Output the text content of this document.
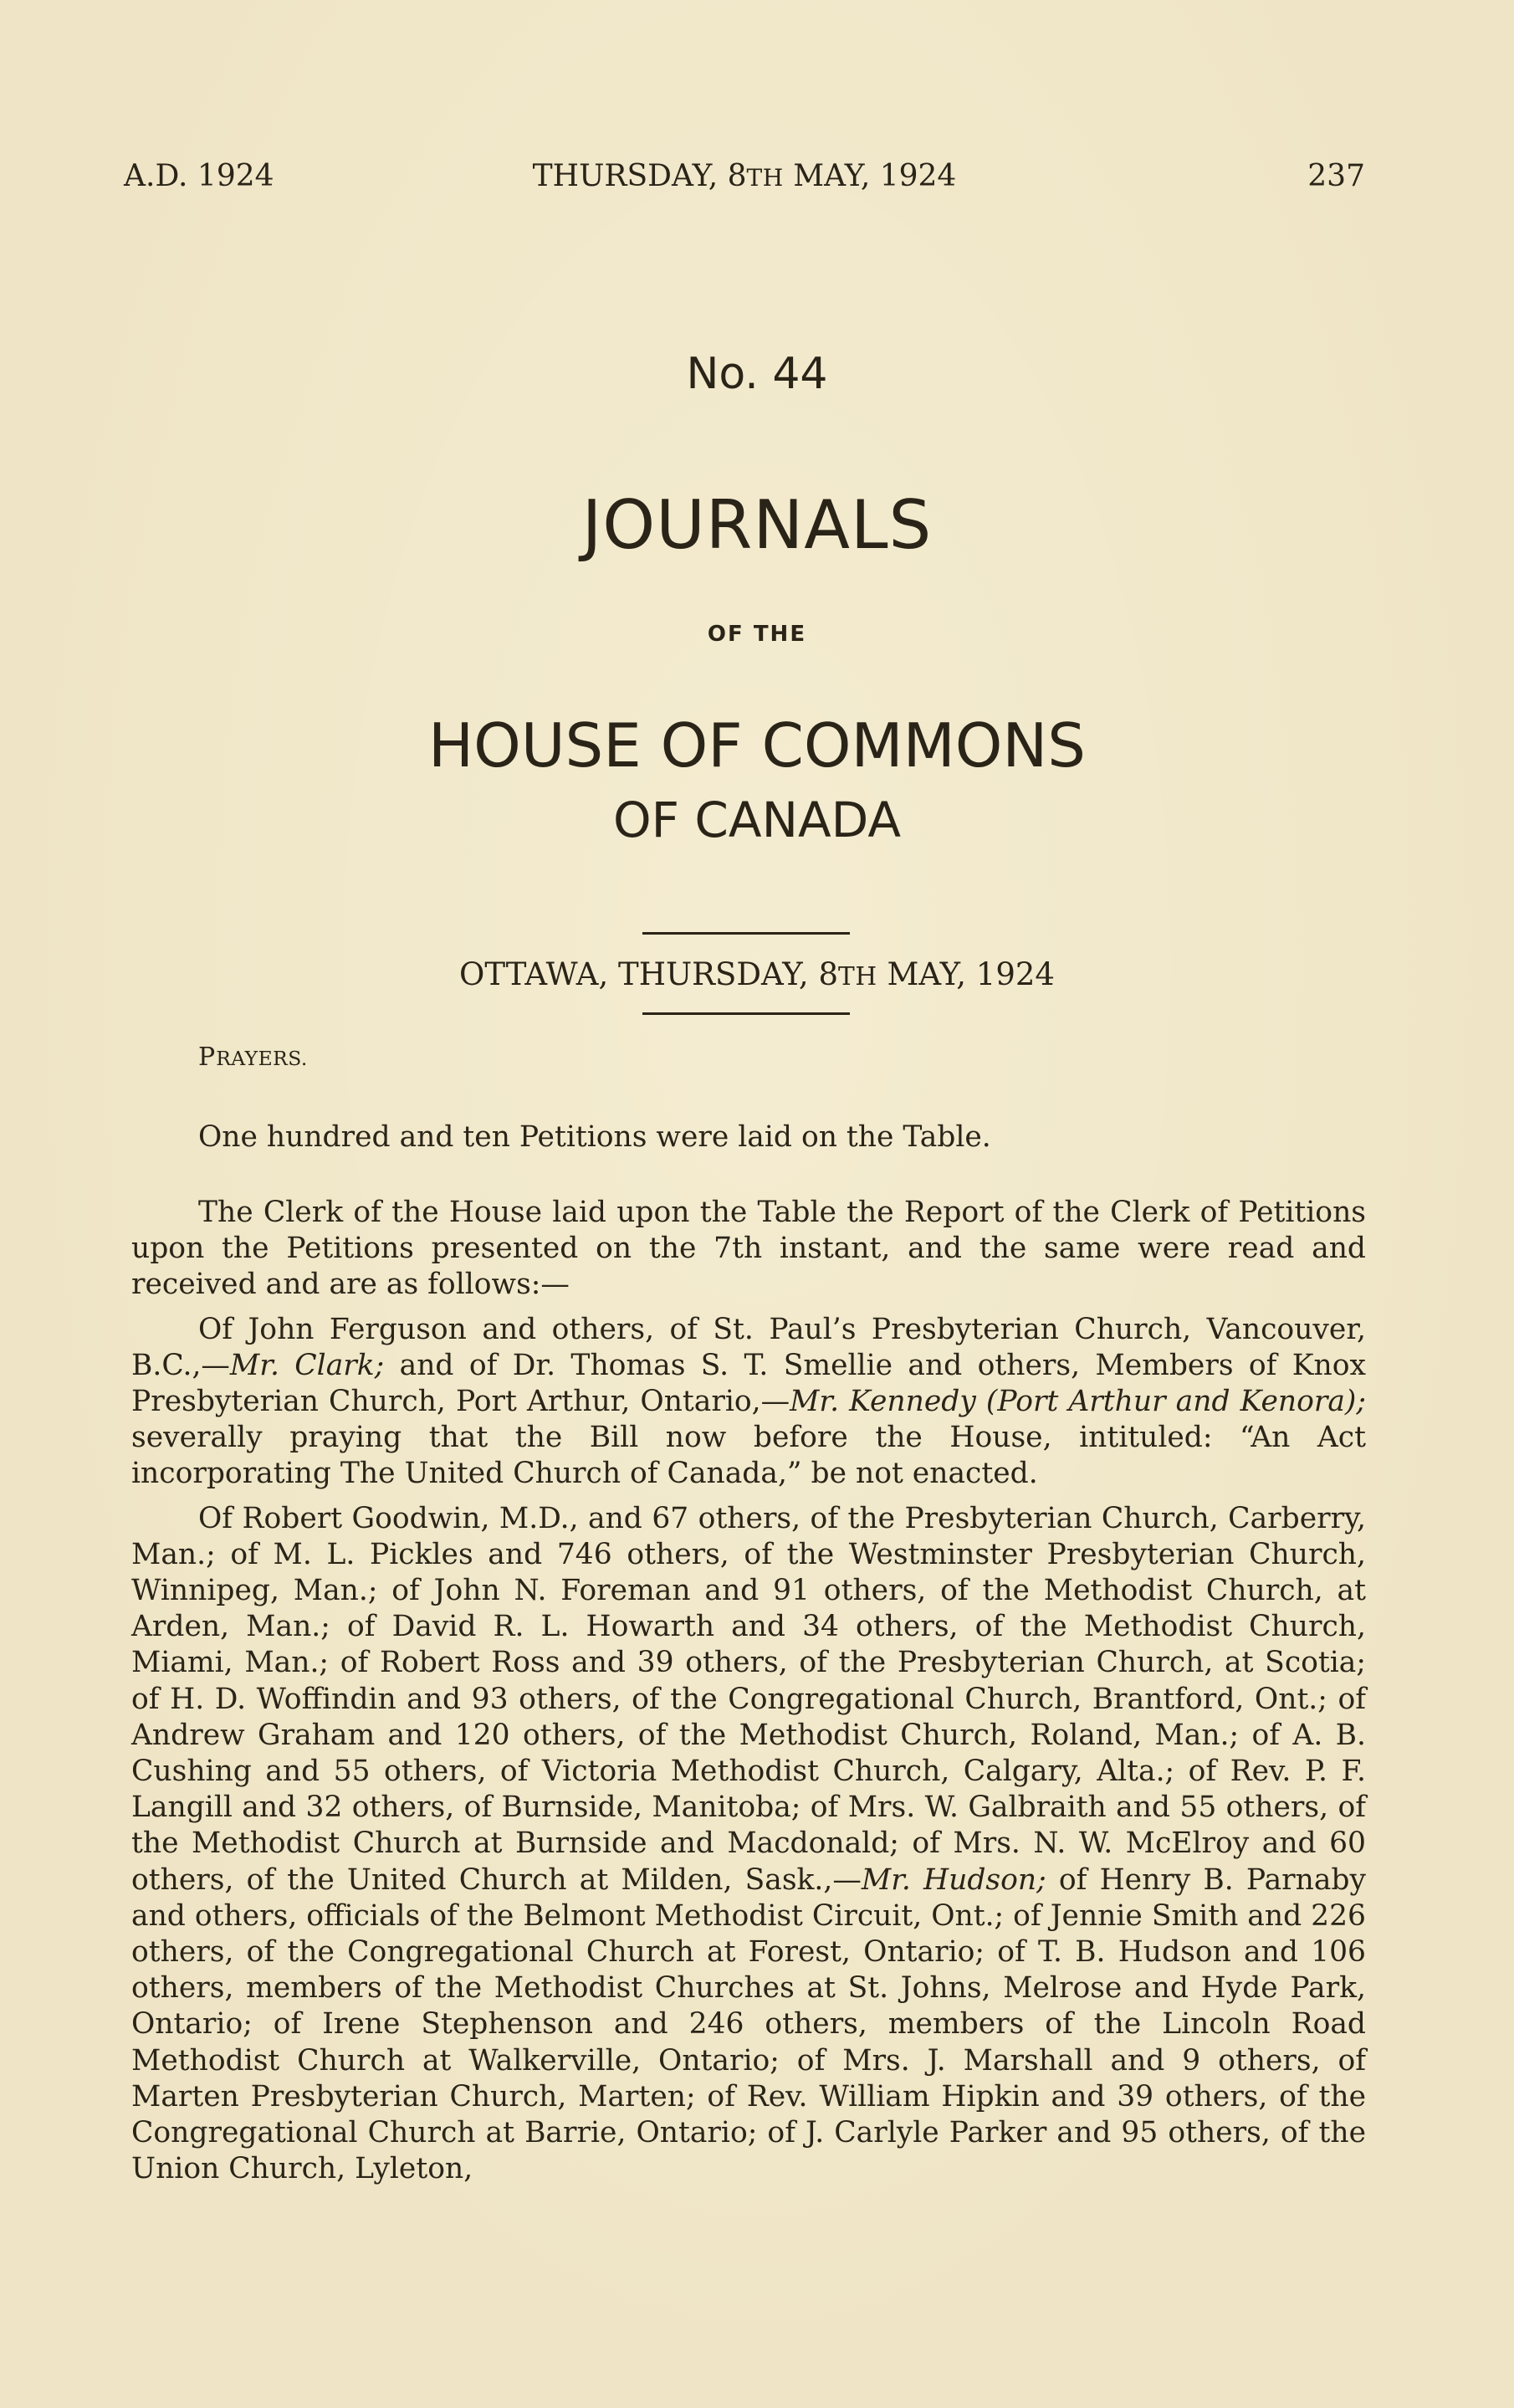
A.D. 1924	THURSDAY, 8TH MAY, 1924	237
No. 44
JOURNALS
OF THE
HOUSE OF COMMONS
OF CANADA
OTTAWA, THURSDAY, 8TH MAY, 1924
PRAYERS.
One hundred and ten Petitions were laid on the Table.

The Clerk of the House laid upon the Table the Report of the Clerk of Petitions upon the Petitions presented on the 7th instant, and the same were read and received and are as follows:—

Of John Ferguson and others, of St. Paul’s Presbyterian Church, Vancouver, B.C.,—Mr. Clark; and of Dr. Thomas S. T. Smellie and others, Members of Knox Presbyterian Church, Port Arthur, Ontario,—Mr. Kennedy (Port Arthur and Kenora); severally praying that the Bill now before the House, intituled: “An Act incorporating The United Church of Canada,” be not enacted.

Of Robert Goodwin, M.D., and 67 others, of the Presbyterian Church, Carberry, Man.; of M. L. Pickles and 746 others, of the Westminster Presbyterian Church, Winnipeg, Man.; of John N. Foreman and 91 others, of the Methodist Church, at Arden, Man.; of David R. L. Howarth and 34 others, of the Methodist Church, Miami, Man.; of Robert Ross and 39 others, of the Presbyterian Church, at Scotia; of H. D. Woffindin and 93 others, of the Congregational Church, Brantford, Ont.; of Andrew Graham and 120 others, of the Methodist Church, Roland, Man.; of A. B. Cushing and 55 others, of Victoria Methodist Church, Calgary, Alta.; of Rev. P. F. Langill and 32 others, of Burnside, Manitoba; of Mrs. W. Galbraith and 55 others, of the Methodist Church at Burnside and Macdonald; of Mrs. N. W. McElroy and 60 others, of the United Church at Milden, Sask.,—Mr. Hudson; of Henry B. Parnaby and others, officials of the Belmont Methodist Circuit, Ont.; of Jennie Smith and 226 others, of the Congregational Church at Forest, Ontario; of T. B. Hudson and 106 others, members of the Methodist Churches at St. Johns, Melrose and Hyde Park, Ontario; of Irene Stephenson and 246 others, members of the Lincoln Road Methodist Church at Walkerville, Ontario; of Mrs. J. Marshall and 9 others, of Marten Presbyterian Church, Marten; of Rev. William Hipkin and 39 others, of the Congregational Church at Barrie, Ontario; of J. Carlyle Parker and 95 others, of the Union Church, Lyleton,
